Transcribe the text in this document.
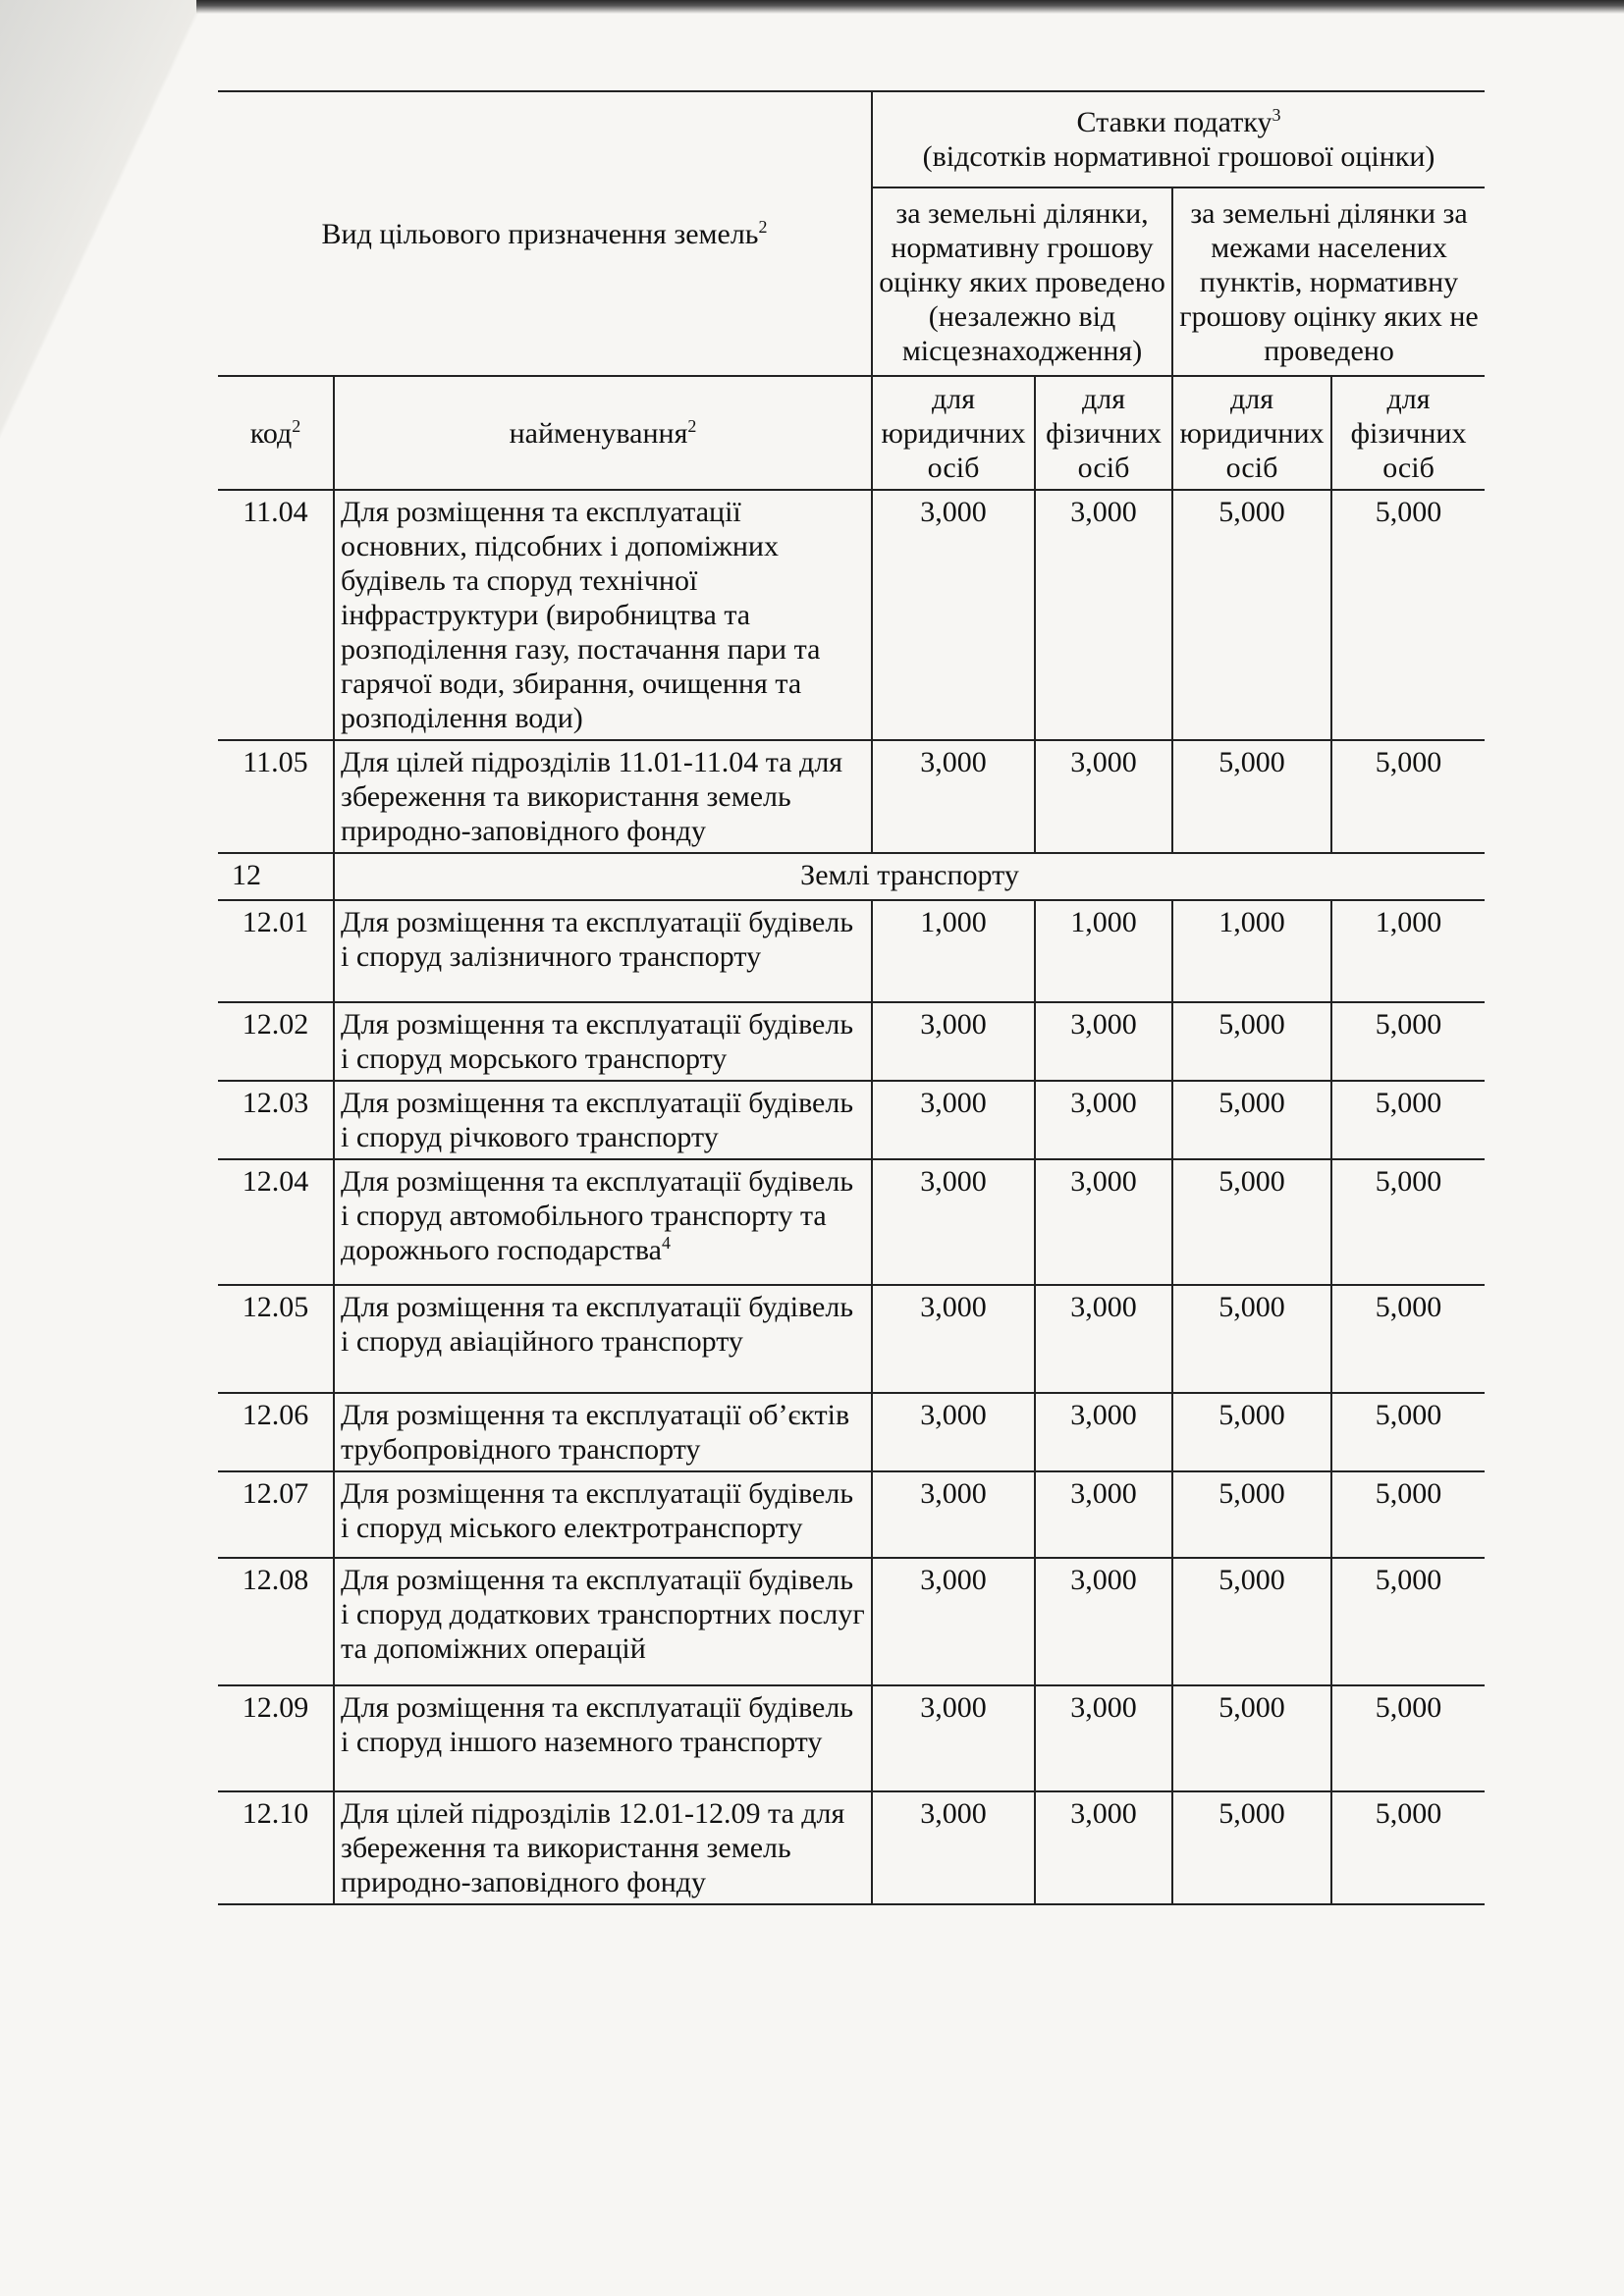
Вид цільового призначення земель$^2$		Ставки податку$^3$
(відсотків нормативної грошової оцінки)			
		за земельні ділянки, нормативну грошову оцінку яких проведено (незалежно від місцезнаходження)		за земельні ділянки за межами населених пунктів, нормативну грошову оцінку яких не проведено	
код$^2$	найменування$^2$	для юридичних осіб	для фізичних осіб	для юридичних осіб	для фізичних осіб
11.04	Для розміщення та експлуатації основних, підсобних і допоміжних будівель та споруд технічної інфраструктури (виробництва та розподілення газу, постачання пари та гарячої води, збирання, очищення та розподілення води)	3,000	3,000	5,000	5,000
11.05	Для цілей підрозділів 11.01-11.04 та для збереження та використання земель природно-заповідного фонду	3,000	3,000	5,000	5,000
12	Землі транспорту				
12.01	Для розміщення та експлуатації будівель і споруд залізничного транспорту	1,000	1,000	1,000	1,000
12.02	Для розміщення та експлуатації будівель і споруд морського транспорту	3,000	3,000	5,000	5,000
12.03	Для розміщення та експлуатації будівель і споруд річкового транспорту	3,000	3,000	5,000	5,000
12.04	Для розміщення та експлуатації будівель і споруд автомобільного транспорту та дорожнього господарства$^4$	3,000	3,000	5,000	5,000
12.05	Для розміщення та експлуатації будівель і споруд авіаційного транспорту	3,000	3,000	5,000	5,000
12.06	Для розміщення та експлуатації об’єктів трубопровідного транспорту	3,000	3,000	5,000	5,000
12.07	Для розміщення та експлуатації будівель і споруд міського електротранспорту	3,000	3,000	5,000	5,000
12.08	Для розміщення та експлуатації будівель і споруд додаткових транспортних послуг та допоміжних операцій	3,000	3,000	5,000	5,000
12.09	Для розміщення та експлуатації будівель і споруд іншого наземного транспорту	3,000	3,000	5,000	5,000
12.10	Для цілей підрозділів 12.01-12.09 та для збереження та використання земель природно-заповідного фонду	3,000	3,000	5,000	5,000
